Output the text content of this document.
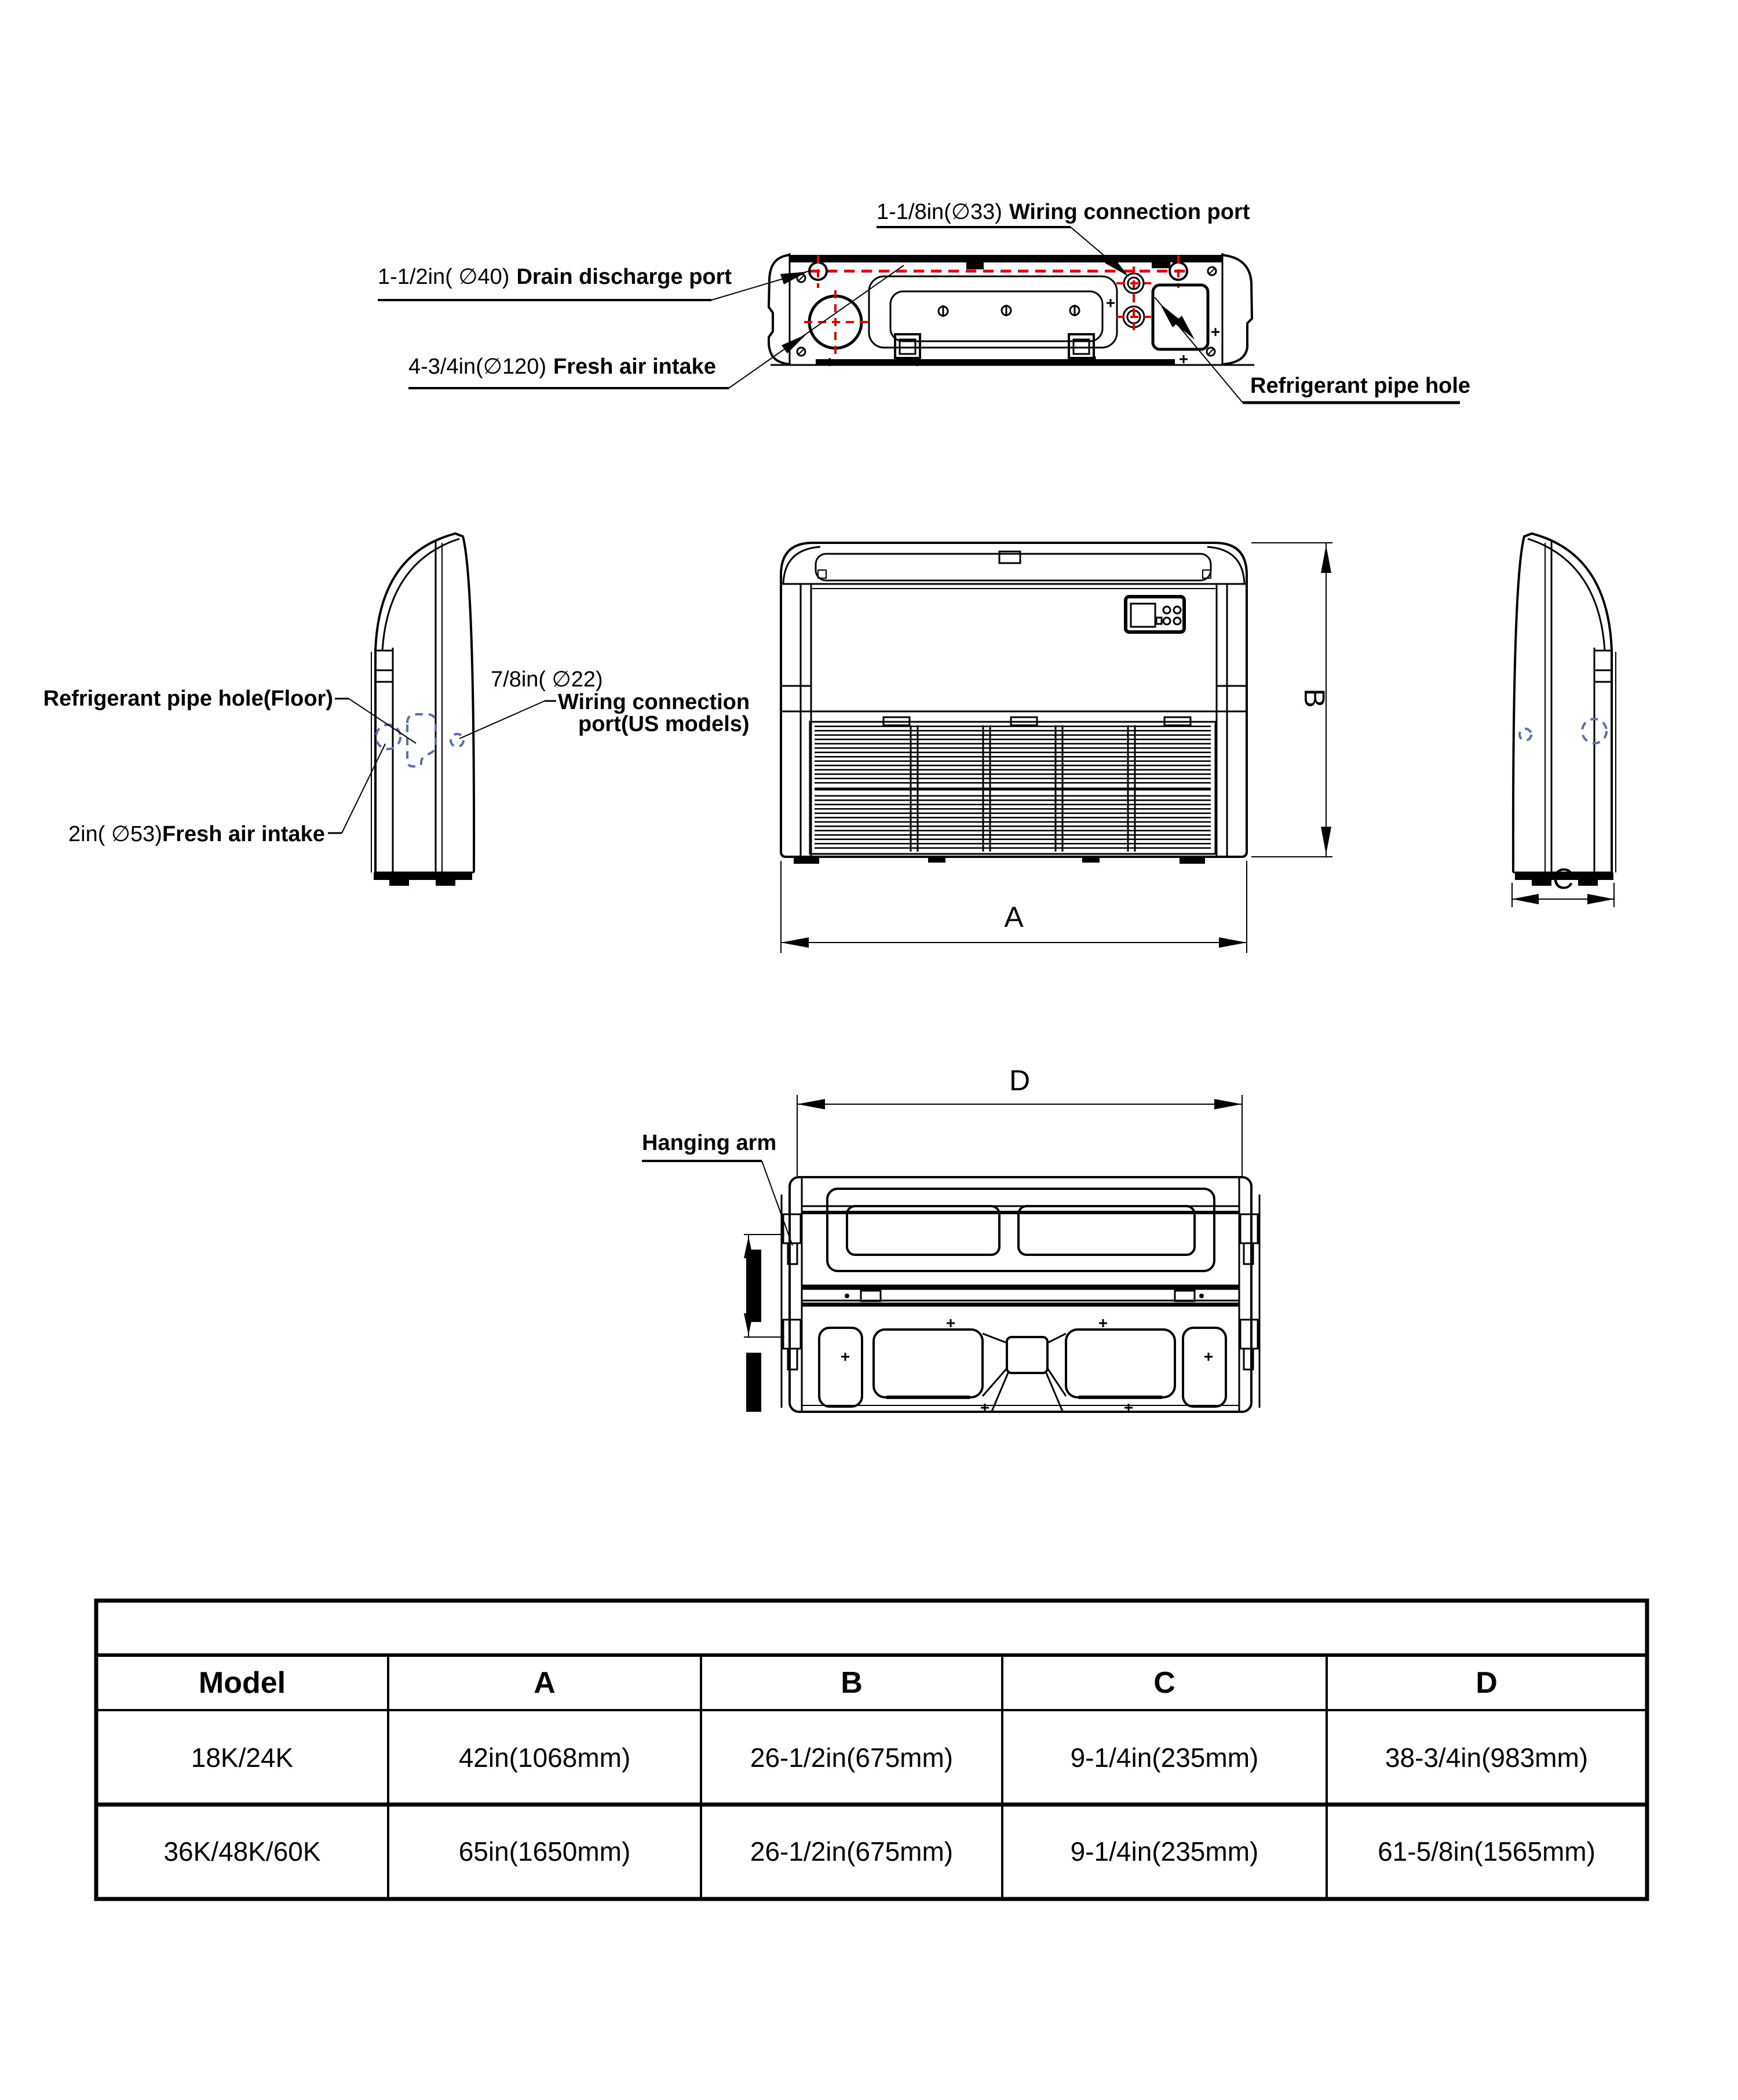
1-1/8in(∅33) Wiring connection port
1-1/2in( ∅40) Drain discharge port
4-3/4in(∅120) Fresh air intake
Refrigerant pipe hole
Refrigerant pipe hole(Floor)
7/8in( ∅22)
Wiring connection
port(US models)
2in( ∅53)Fresh air intake
C
A
B
D
Hanging arm
Model	A	B	C	D
18K/24K	42in(1068mm)	26-1/2in(675mm)	9-1/4in(235mm)	38-3/4in(983mm)
36K/48K/60K	65in(1650mm)	26-1/2in(675mm)	9-1/4in(235mm)	61-5/8in(1565mm)
